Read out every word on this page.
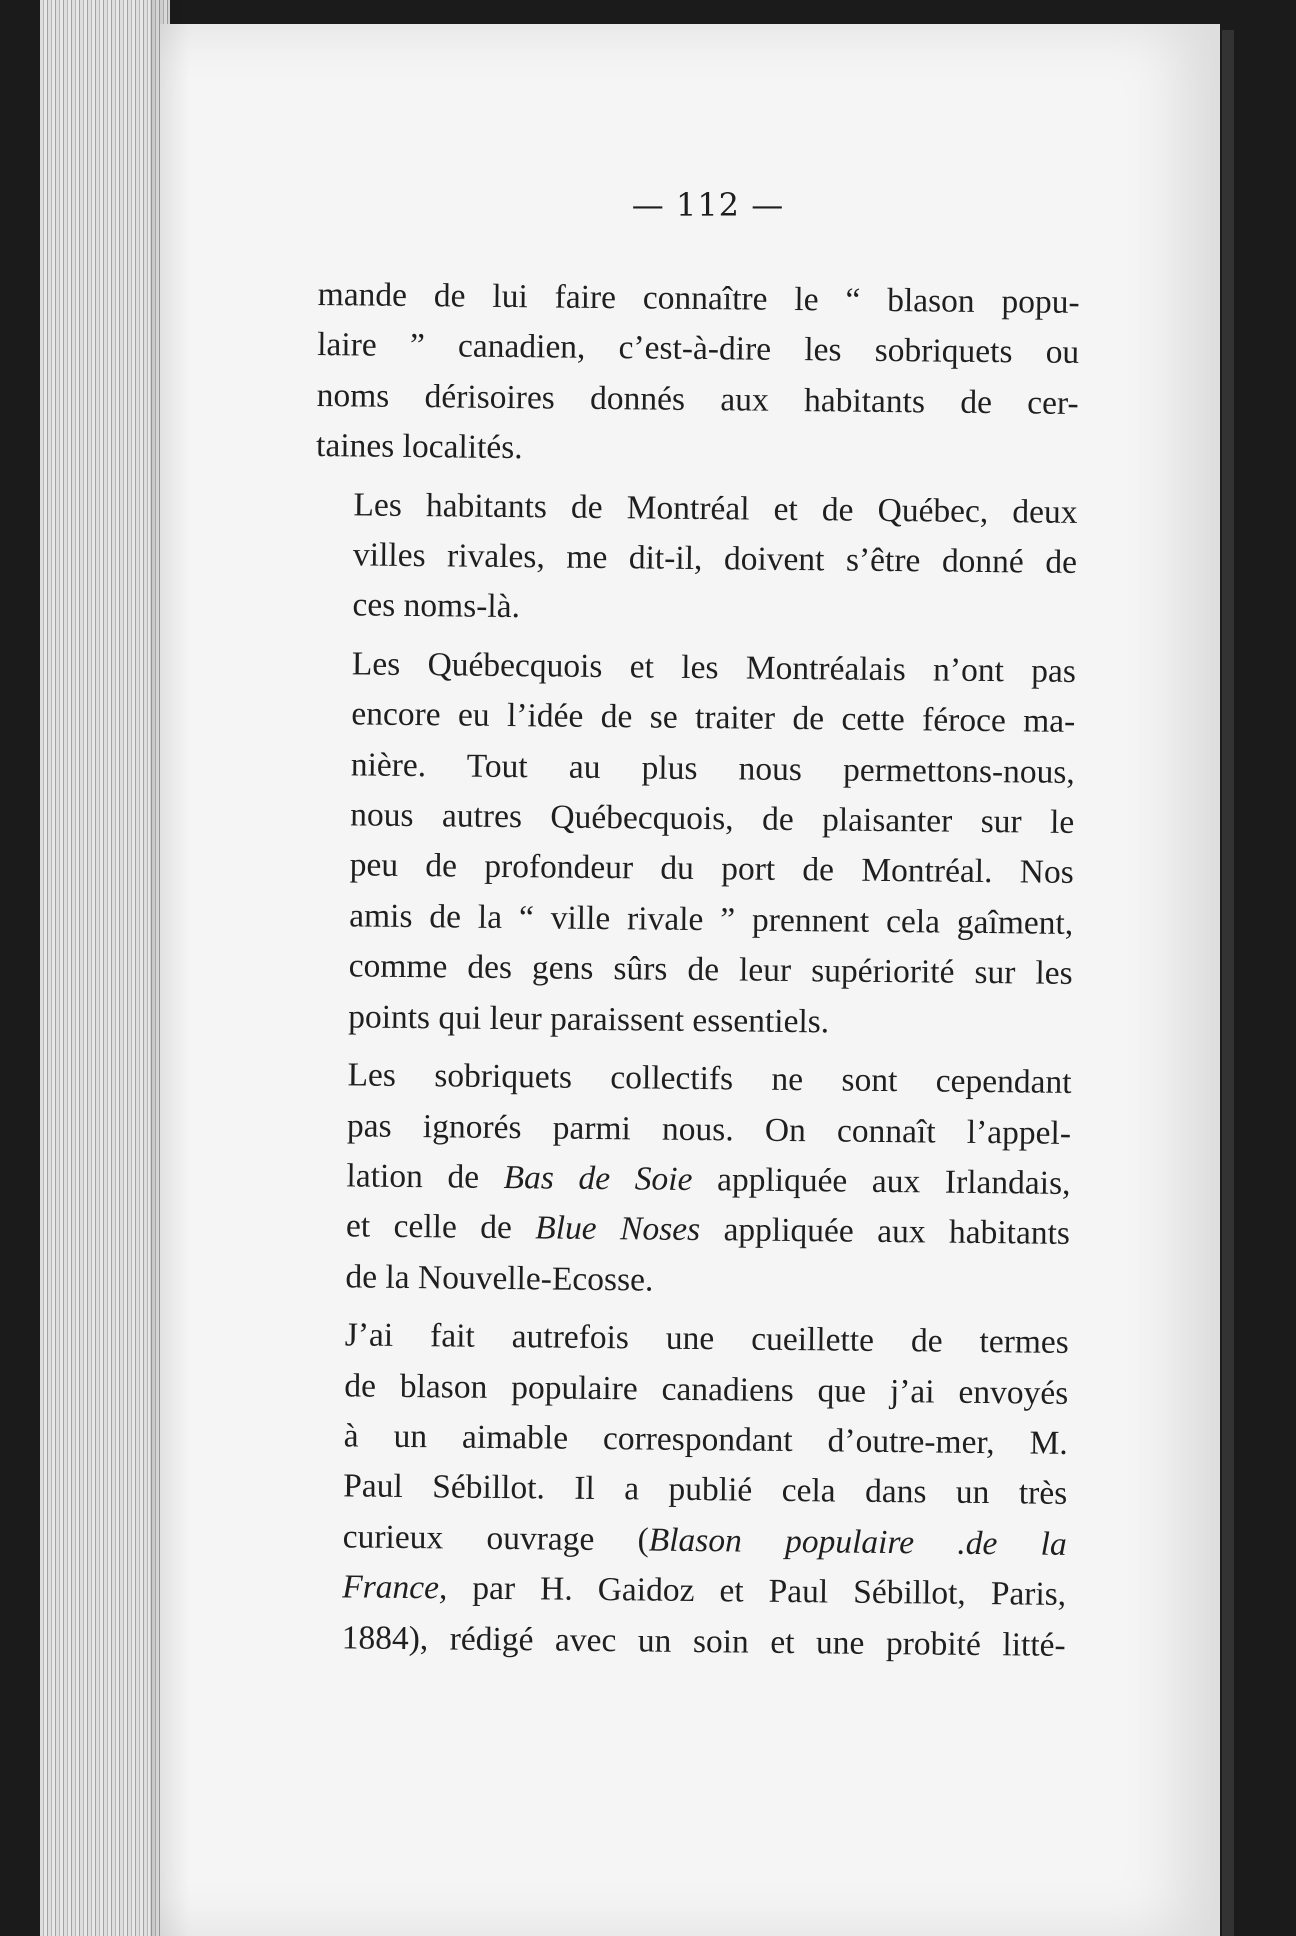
— 112 —

mande de lui faire connaître le “ blason popu-
laire ” canadien, c’est-à-dire les sobriquets ou
noms dérisoires donnés aux habitants de cer-
taines localités.

Les habitants de Montréal et de Québec, deux
villes rivales, me dit-il, doivent s’être donné de
ces noms-là.

Les Québecquois et les Montréalais n’ont pas
encore eu l’idée de se traiter de cette féroce ma-
nière. Tout au plus nous permettons-nous,
nous autres Québecquois, de plaisanter sur le
peu de profondeur du port de Montréal. Nos
amis de la “ ville rivale ” prennent cela gaîment,
comme des gens sûrs de leur supériorité sur les
points qui leur paraissent essentiels.

Les sobriquets collectifs ne sont cependant
pas ignorés parmi nous. On connaît l’appel-
lation de Bas de Soie appliquée aux Irlandais,
et celle de Blue Noses appliquée aux habitants
de la Nouvelle-Ecosse.

J’ai fait autrefois une cueillette de termes
de blason populaire canadiens que j’ai envoyés
à un aimable correspondant d’outre-mer, M.
Paul Sébillot. Il a publié cela dans un très
curieux ouvrage (Blason populaire .de la
France, par H. Gaidoz et Paul Sébillot, Paris,
1884), rédigé avec un soin et une probité litté-
